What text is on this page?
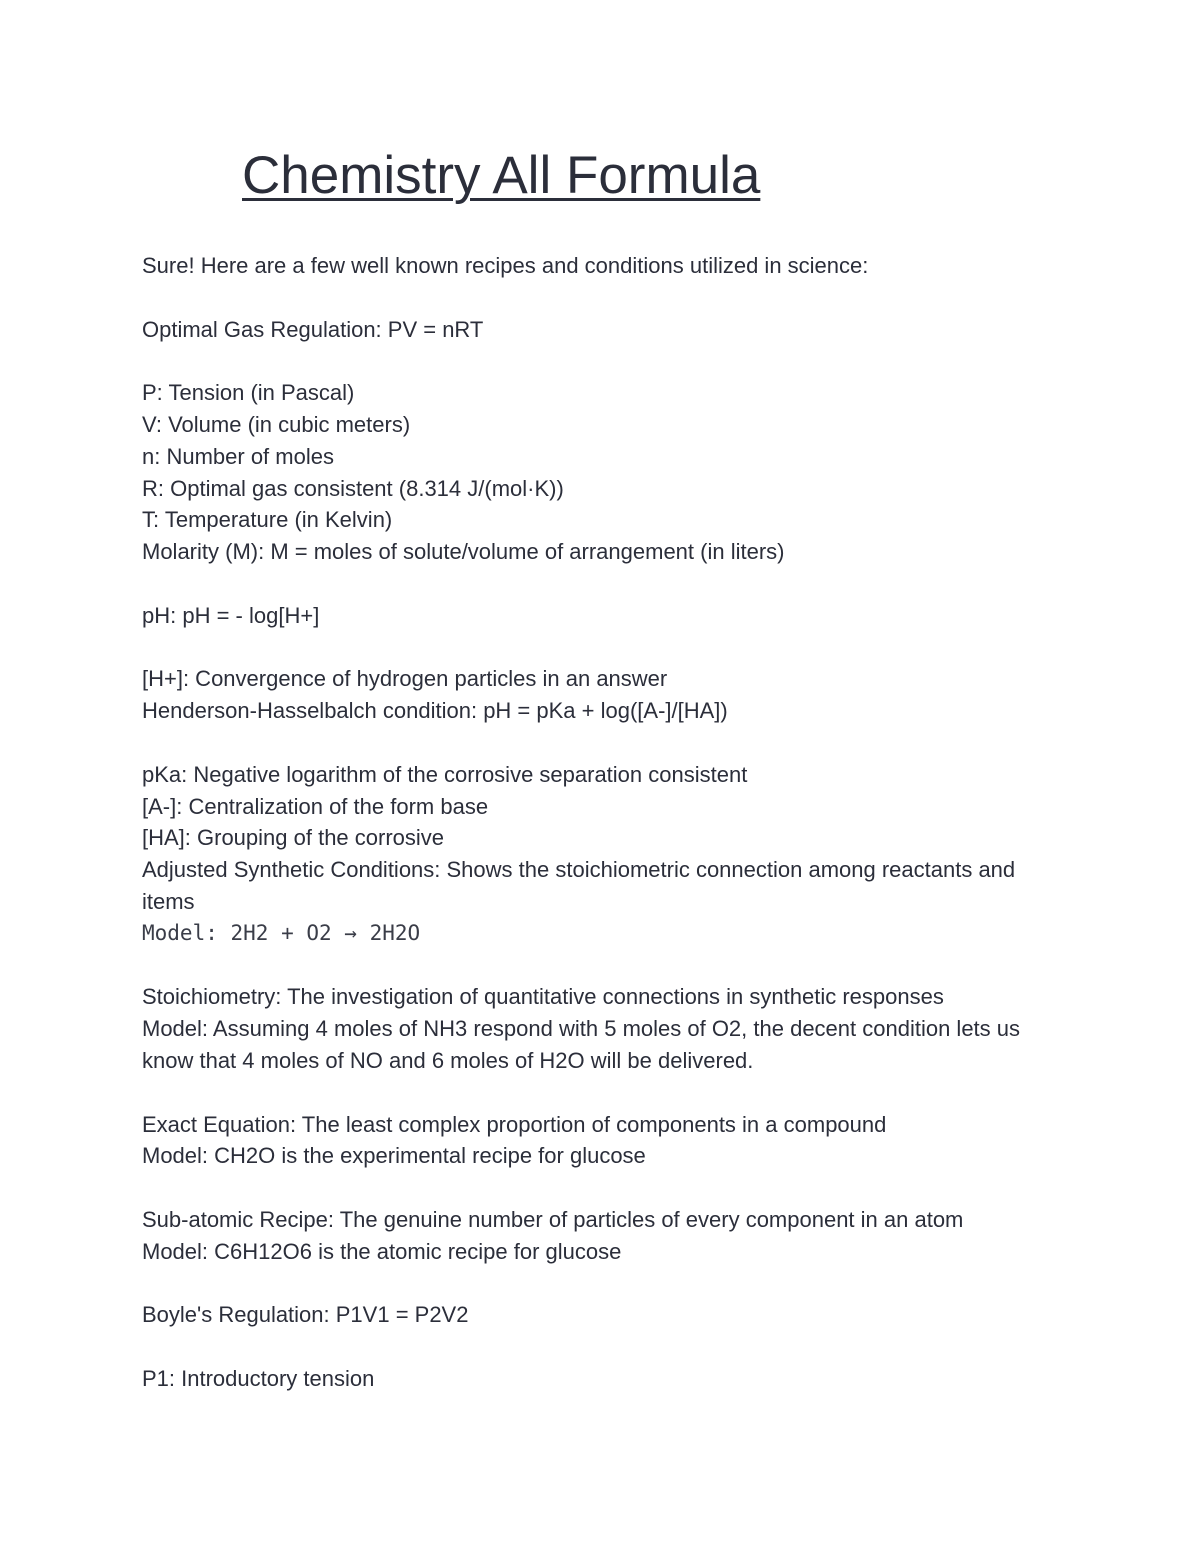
Chemistry All Formula
Sure! Here are a few well known recipes and conditions utilized in science:
Optimal Gas Regulation: PV = nRT
P: Tension (in Pascal)
V: Volume (in cubic meters)
n: Number of moles
R: Optimal gas consistent (8.314 J/(mol·K))
T: Temperature (in Kelvin)
Molarity (M): M = moles of solute/volume of arrangement (in liters)
pH: pH = - log[H+]
[H+]: Convergence of hydrogen particles in an answer
Henderson-Hasselbalch condition: pH = pKa + log([A-]/[HA])
pKa: Negative logarithm of the corrosive separation consistent
[A-]: Centralization of the form base
[HA]: Grouping of the corrosive
Adjusted Synthetic Conditions: Shows the stoichiometric connection among reactants and items
Model: 2H2 + O2 → 2H2O
Stoichiometry: The investigation of quantitative connections in synthetic responses
Model: Assuming 4 moles of NH3 respond with 5 moles of O2, the decent condition lets us know that 4 moles of NO and 6 moles of H2O will be delivered.
Exact Equation: The least complex proportion of components in a compound
Model: CH2O is the experimental recipe for glucose
Sub-atomic Recipe: The genuine number of particles of every component in an atom
Model: C6H12O6 is the atomic recipe for glucose
Boyle's Regulation: P1V1 = P2V2
P1: Introductory tension
